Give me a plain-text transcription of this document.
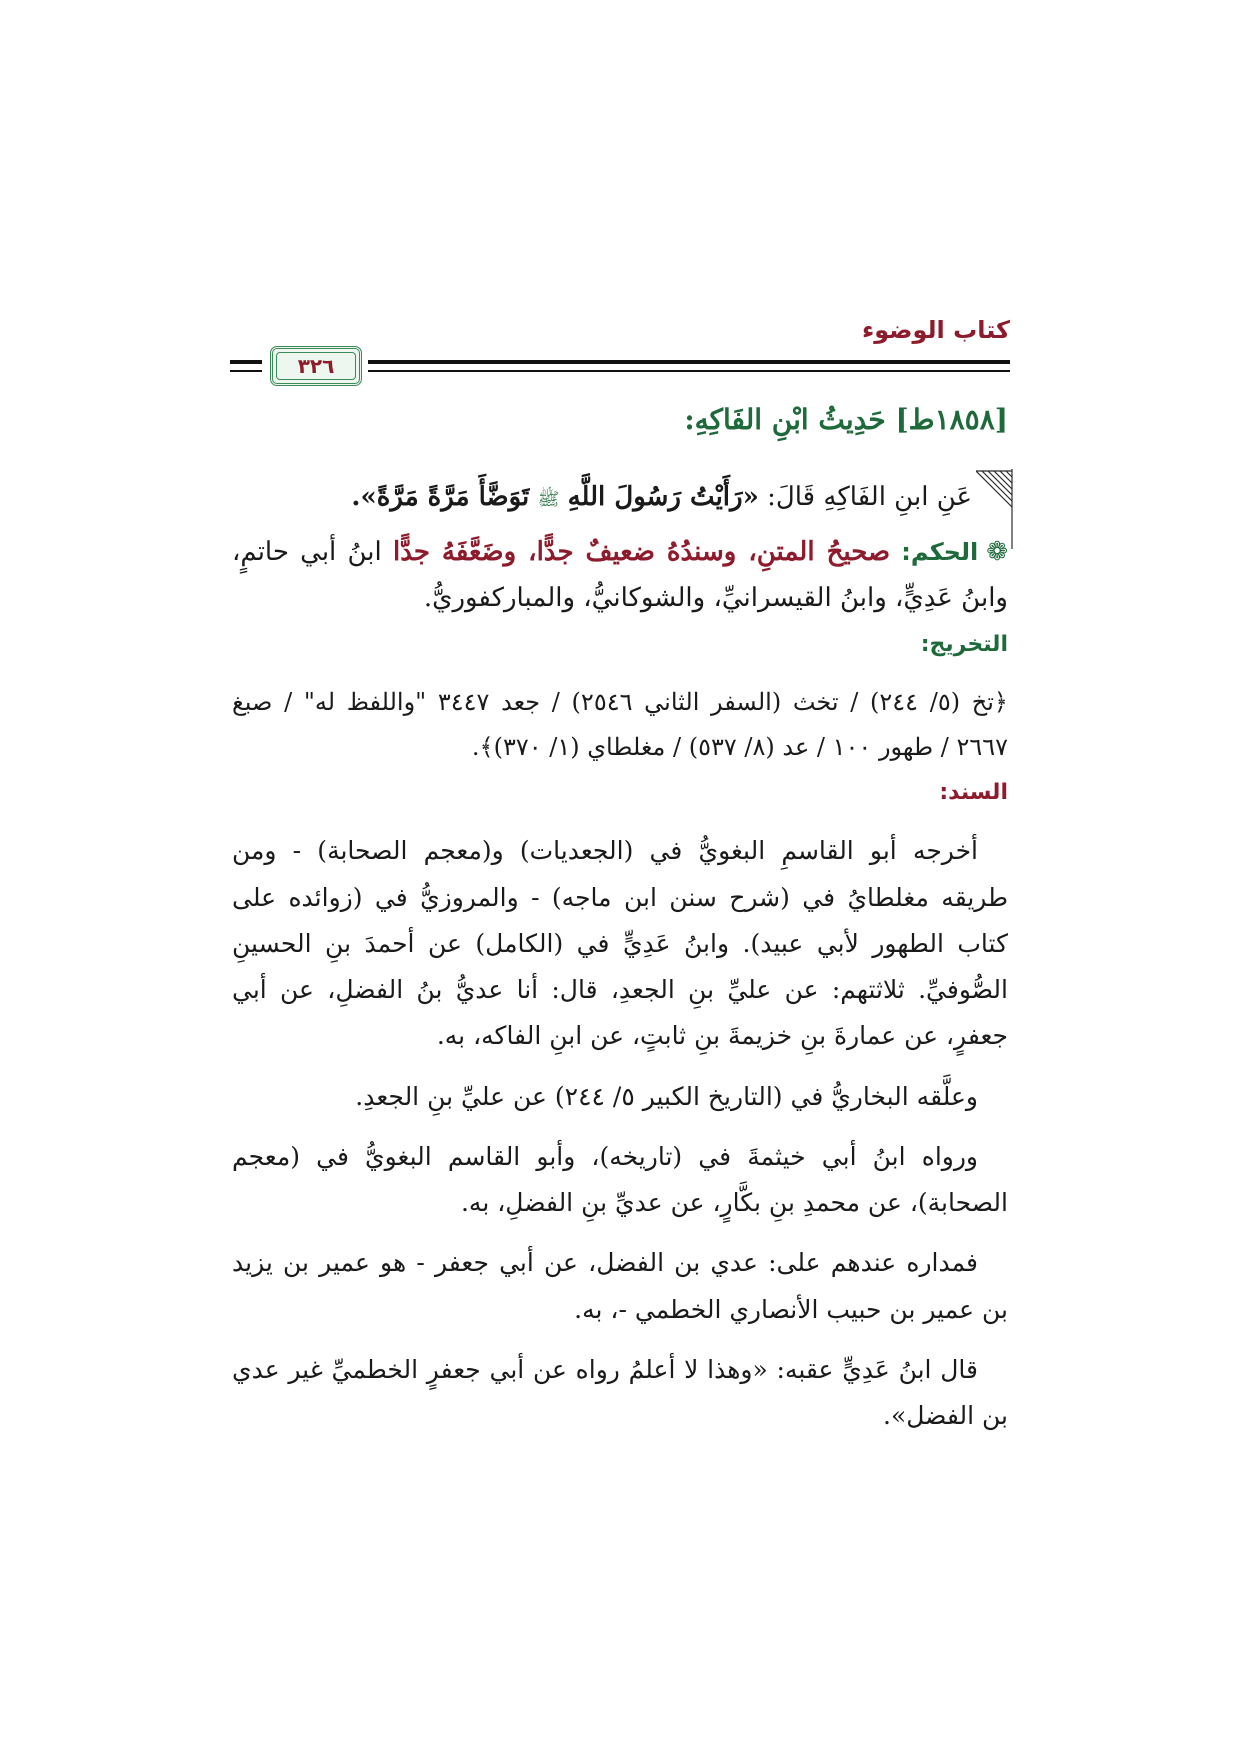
كتاب الوضوء
٣٢٦
[١٨٥٨ط] حَدِيثُ ابْنِ الفَاكِهِ:

عَنِ ابنِ الفَاكِهِ قَالَ: «رَأَيْتُ رَسُولَ اللَّهِ ﷺ تَوَضَّأَ مَرَّةً مَرَّةً».

❁الحكم: صحيحُ المتنِ، وسندُهُ ضعيفٌ جدًّا، وضَعَّفَهُ جدًّا ابنُ أبي حاتمٍ، وابنُ عَدِيٍّ، وابنُ القيسرانيِّ، والشوكانيُّ، والمباركفوريُّ.

التخريج:

﴿تخ (٥/ ٢٤٤) / تخث (السفر الثاني ٢٥٤٦) / جعد ٣٤٤٧ "واللفظ له" / صبغ ٢٦٦٧ / طهور ١٠٠ / عد (٨/ ٥٣٧) / مغلطاي (١/ ٣٧٠)﴾.

السند:

أخرجه أبو القاسمِ البغويُّ في (الجعديات) و(معجم الصحابة) - ومن طريقه مغلطايُ في (شرح سنن ابن ماجه) - والمروزيُّ في (زوائده على كتاب الطهور لأبي عبيد). وابنُ عَدِيٍّ في (الكامل) عن أحمدَ بنِ الحسينِ الصُّوفيِّ. ثلاثتهم: عن عليِّ بنِ الجعدِ، قال: أنا عديُّ بنُ الفضلِ، عن أبي جعفرٍ، عن عمارةَ بنِ خزيمةَ بنِ ثابتٍ، عن ابنِ الفاكه، به.

وعلَّقه البخاريُّ في (التاريخ الكبير ٥/ ٢٤٤) عن عليِّ بنِ الجعدِ.

ورواه ابنُ أبي خيثمةَ في (تاريخه)، وأبو القاسم البغويُّ في (معجم الصحابة)، عن محمدِ بنِ بكَّارٍ، عن عديِّ بنِ الفضلِ، به.

فمداره عندهم على: عدي بن الفضل، عن أبي جعفر - هو عمير بن يزيد بن عمير بن حبيب الأنصاري الخطمي -، به.

قال ابنُ عَدِيٍّ عقبه: «وهذا لا أعلمُ رواه عن أبي جعفرٍ الخطميِّ غير عدي بن الفضل».
